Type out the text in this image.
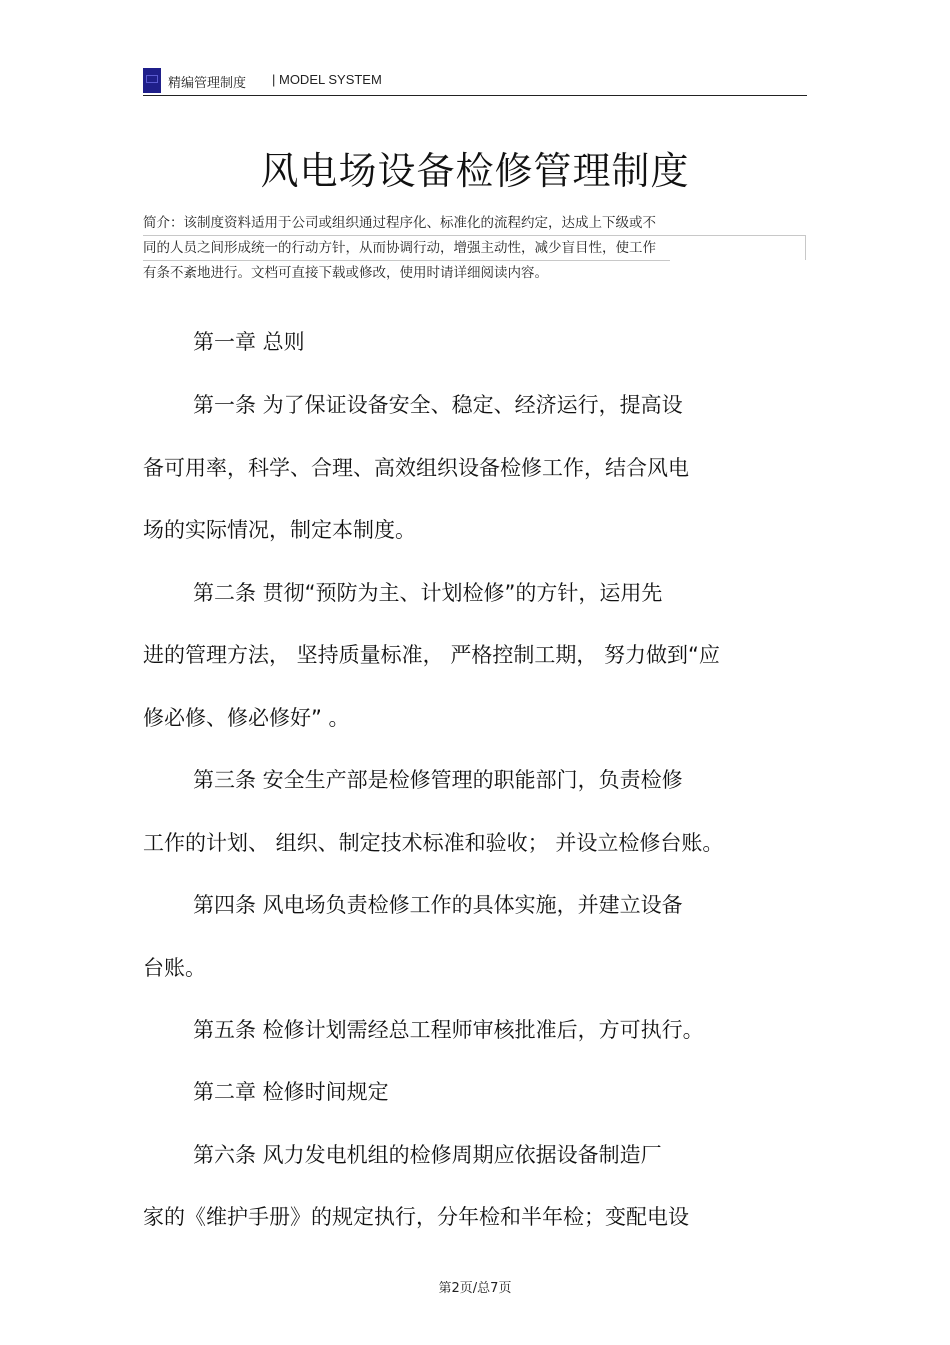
精编管理制度 | MODEL SYSTEM
风电场设备检修管理制度
简介：该制度资料适用于公司或组织通过程序化、标准化的流程约定，达成上下级或不
同的人员之间形成统一的行动方针，从而协调行动，增强主动性，减少盲目性，使工作
有条不紊地进行。文档可直接下载或修改，使用时请详细阅读内容。
第一章 总则
第一条 为了保证设备安全、稳定、经济运行，提高设
备可用率，科学、合理、高效组织设备检修工作，结合风电
场的实际情况，制定本制度。
第二条 贯彻“预防为主、计划检修”的方针，运用先
进的管理方法， 坚持质量标准， 严格控制工期， 努力做到“应
修必修、修必修好” 。
第三条 安全生产部是检修管理的职能部门，负责检修
工作的计划、 组织、制定技术标准和验收； 并设立检修台账。
第四条 风电场负责检修工作的具体实施，并建立设备
台账。
第五条 检修计划需经总工程师审核批准后，方可执行。
第二章 检修时间规定
第六条 风力发电机组的检修周期应依据设备制造厂
家的《维护手册》的规定执行，分年检和半年检；变配电设
第2页/总7页
